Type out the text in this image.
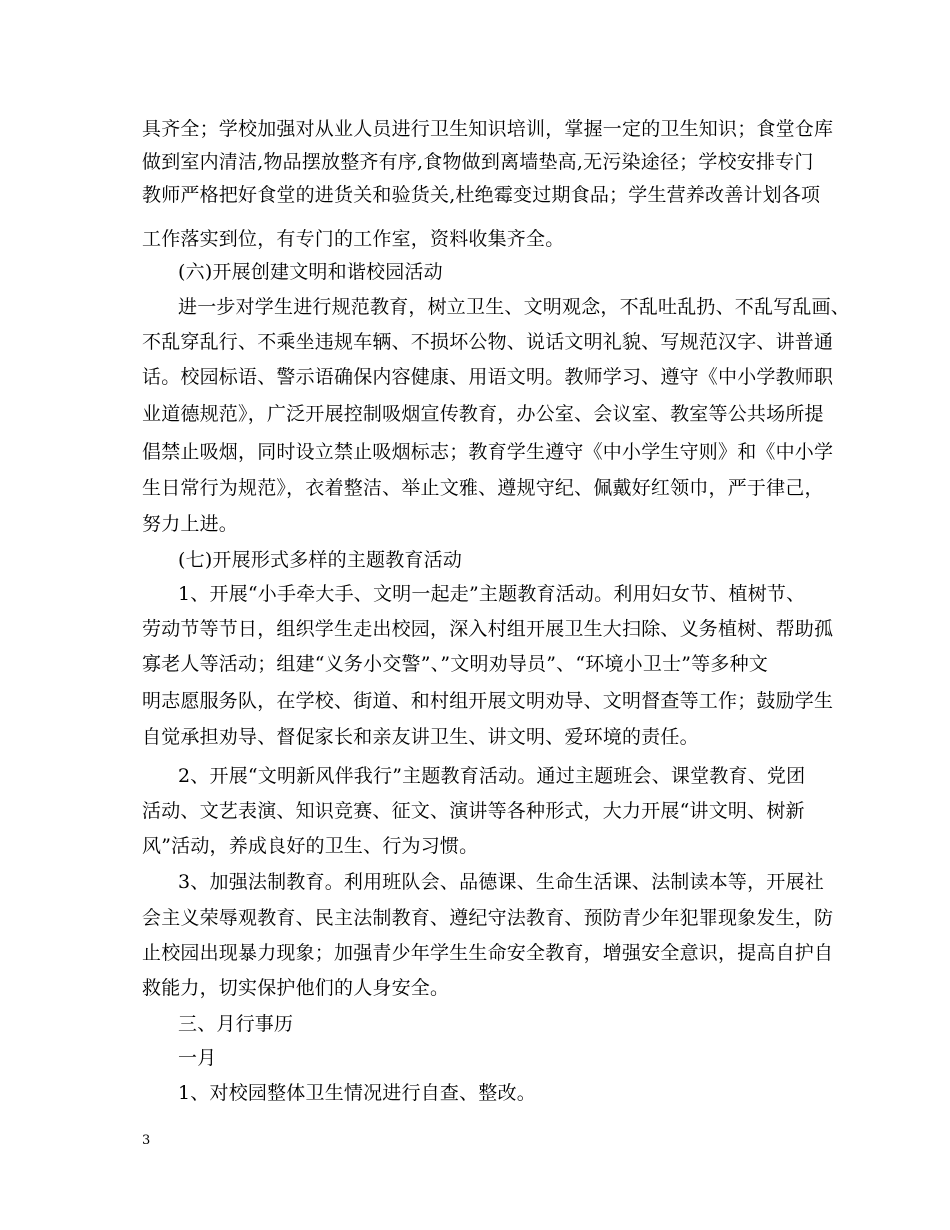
具齐全；学校加强对从业人员进行卫生知识培训，掌握一定的卫生知识；食堂仓库
做到室内清洁,物品摆放整齐有序,食物做到离墙垫高,无污染途径；学校安排专门
教师严格把好食堂的进货关和验货关,杜绝霉变过期食品；学生营养改善计划各项
工作落实到位，有专门的工作室，资料收集齐全。
(六)开展创建文明和谐校园活动
进一步对学生进行规范教育，树立卫生、文明观念，不乱吐乱扔、不乱写乱画、
不乱穿乱行、不乘坐违规车辆、不损坏公物、说话文明礼貌、写规范汉字、讲普通
话。校园标语、警示语确保内容健康、用语文明。教师学习、遵守《中小学教师职
业道德规范》，广泛开展控制吸烟宣传教育，办公室、会议室、教室等公共场所提
倡禁止吸烟，同时设立禁止吸烟标志；教育学生遵守《中小学生守则》和《中小学
生日常行为规范》，衣着整洁、举止文雅、遵规守纪、佩戴好红领巾，严于律己，
努力上进。
(七)开展形式多样的主题教育活动
1、开展“小手牵大手、文明一起走”主题教育活动。利用妇女节、植树节、
劳动节等节日，组织学生走出校园，深入村组开展卫生大扫除、义务植树、帮助孤
寡老人等活动；组建“义务小交警”、”文明劝导员”、“环境小卫士”等多种文
明志愿服务队，在学校、街道、和村组开展文明劝导、文明督查等工作；鼓励学生
自觉承担劝导、督促家长和亲友讲卫生、讲文明、爱环境的责任。
2、开展“文明新风伴我行”主题教育活动。通过主题班会、课堂教育、党团
活动、文艺表演、知识竞赛、征文、演讲等各种形式，大力开展“讲文明、树新
风”活动，养成良好的卫生、行为习惯。
3、加强法制教育。利用班队会、品德课、生命生活课、法制读本等，开展社
会主义荣辱观教育、民主法制教育、遵纪守法教育、预防青少年犯罪现象发生，防
止校园出现暴力现象；加强青少年学生生命安全教育，增强安全意识，提高自护自
救能力，切实保护他们的人身安全。
三、月行事历
一月
1、对校园整体卫生情况进行自查、整改。
3
